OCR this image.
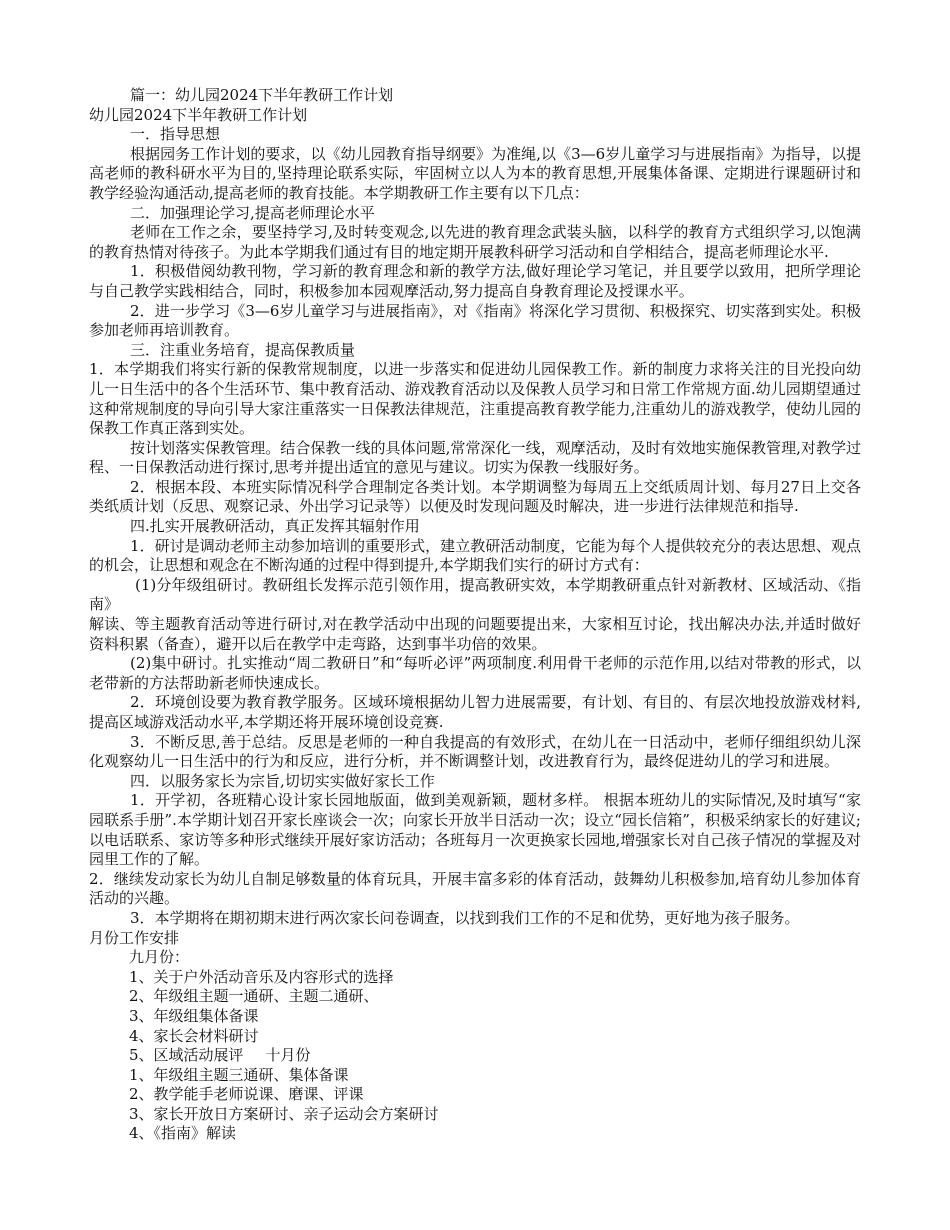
篇一：幼儿园2024下半年教研工作计划
幼儿园2024下半年教研工作计划
一．指导思想

根据园务工作计划的要求，以《幼儿园教育指导纲要》为准绳,以《3—6岁儿童学习与进展指南》为指导，以提高老师的教科研水平为目的,坚持理论联系实际，牢固树立以人为本的教育思想,开展集体备课、定期进行课题研讨和教学经验沟通活动,提高老师的教育技能。本学期教研工作主要有以下几点：

二．加强理论学习,提高老师理论水平

老师在工作之余，要坚持学习,及时转变观念,以先进的教育理念武装头脑，以科学的教育方式组织学习,以饱满的教育热情对待孩子。为此本学期我们通过有目的地定期开展教科研学习活动和自学相结合，提高老师理论水平.

1．积极借阅幼教刊物，学习新的教育理念和新的教学方法,做好理论学习笔记，并且要学以致用，把所学理论与自己教学实践相结合，同时，积极参加本园观摩活动,努力提高自身教育理论及授课水平。

2．进一步学习《3—6岁儿童学习与进展指南》，对《指南》将深化学习贯彻、积极探究、切实落到实处。积极参加老师再培训教育。

三．注重业务培育，提高保教质量

1．本学期我们将实行新的保教常规制度，以进一步落实和促进幼儿园保教工作。新的制度力求将关注的目光投向幼儿一日生活中的各个生活环节、集中教育活动、游戏教育活动以及保教人员学习和日常工作常规方面.幼儿园期望通过这种常规制度的导向引导大家注重落实一日保教法律规范，注重提高教育教学能力,注重幼儿的游戏教学，使幼儿园的保教工作真正落到实处。

按计划落实保教管理。结合保教一线的具体问题,常常深化一线，观摩活动，及时有效地实施保教管理,对教学过程、一日保教活动进行探讨,思考并提出适宜的意见与建议。切实为保教一线服好务。

2．根据本段、本班实际情况科学合理制定各类计划。本学期调整为每周五上交纸质周计划、每月27日上交各类纸质计划（反思、观察记录、外出学习记录等）以便及时发现问题及时解决，进一步进行法律规范和指导.

四.扎实开展教研活动，真正发挥其辐射作用

1．研讨是调动老师主动参加培训的重要形式，建立教研活动制度，它能为每个人提供较充分的表达思想、观点的机会，让思想和观念在不断沟通的过程中得到提升,本学期我们实行的研讨方式有：

(1)分年级组研讨。教研组长发挥示范引领作用，提高教研实效，本学期教研重点针对新教材、区域活动、《指南》

解读、等主题教育活动等进行研讨,对在教学活动中出现的问题要提出来，大家相互讨论，找出解决办法,并适时做好资料积累（备查），避开以后在教学中走弯路，达到事半功倍的效果。

(2)集中研讨。扎实推动“周二教研日”和“每听必评”两项制度.利用骨干老师的示范作用,以结对带教的形式，以老带新的方法帮助新老师快速成长。

2．环境创设要为教育教学服务。区域环境根据幼儿智力进展需要，有计划、有目的、有层次地投放游戏材料,提高区域游戏活动水平,本学期还将开展环境创设竞赛.

3．不断反思,善于总结。反思是老师的一种自我提高的有效形式，在幼儿在一日活动中，老师仔细组织幼儿深化观察幼儿一日生活中的行为和反应，进行分析，并不断调整计划，改进教育行为，最终促进幼儿的学习和进展。

四．以服务家长为宗旨,切切实实做好家长工作

1．开学初，各班精心设计家长园地版面，做到美观新颖，题材多样。 根据本班幼儿的实际情况,及时填写“家园联系手册”.本学期计划召开家长座谈会一次；向家长开放半日活动一次；设立“园长信箱”，积极采纳家长的好建议;以电话联系、家访等多种形式继续开展好家访活动；各班每月一次更换家长园地,增强家长对自己孩子情况的掌握及对园里工作的了解。

2．继续发动家长为幼儿自制足够数量的体育玩具，开展丰富多彩的体育活动，鼓舞幼儿积极参加,培育幼儿参加体育活动的兴趣。

3．本学期将在期初期末进行两次家长问卷调查，以找到我们工作的不足和优势，更好地为孩子服务。

月份工作安排
九月份：
1、关于户外活动音乐及内容形式的选择
2、年级组主题一通研、主题二通研、
3、年级组集体备课
4、家长会材料研讨
5、区域活动展评 十月份
1、年级组主题三通研、集体备课
2、教学能手老师说课、磨课、评课
3、家长开放日方案研讨、亲子运动会方案研讨
4、《指南》解读
